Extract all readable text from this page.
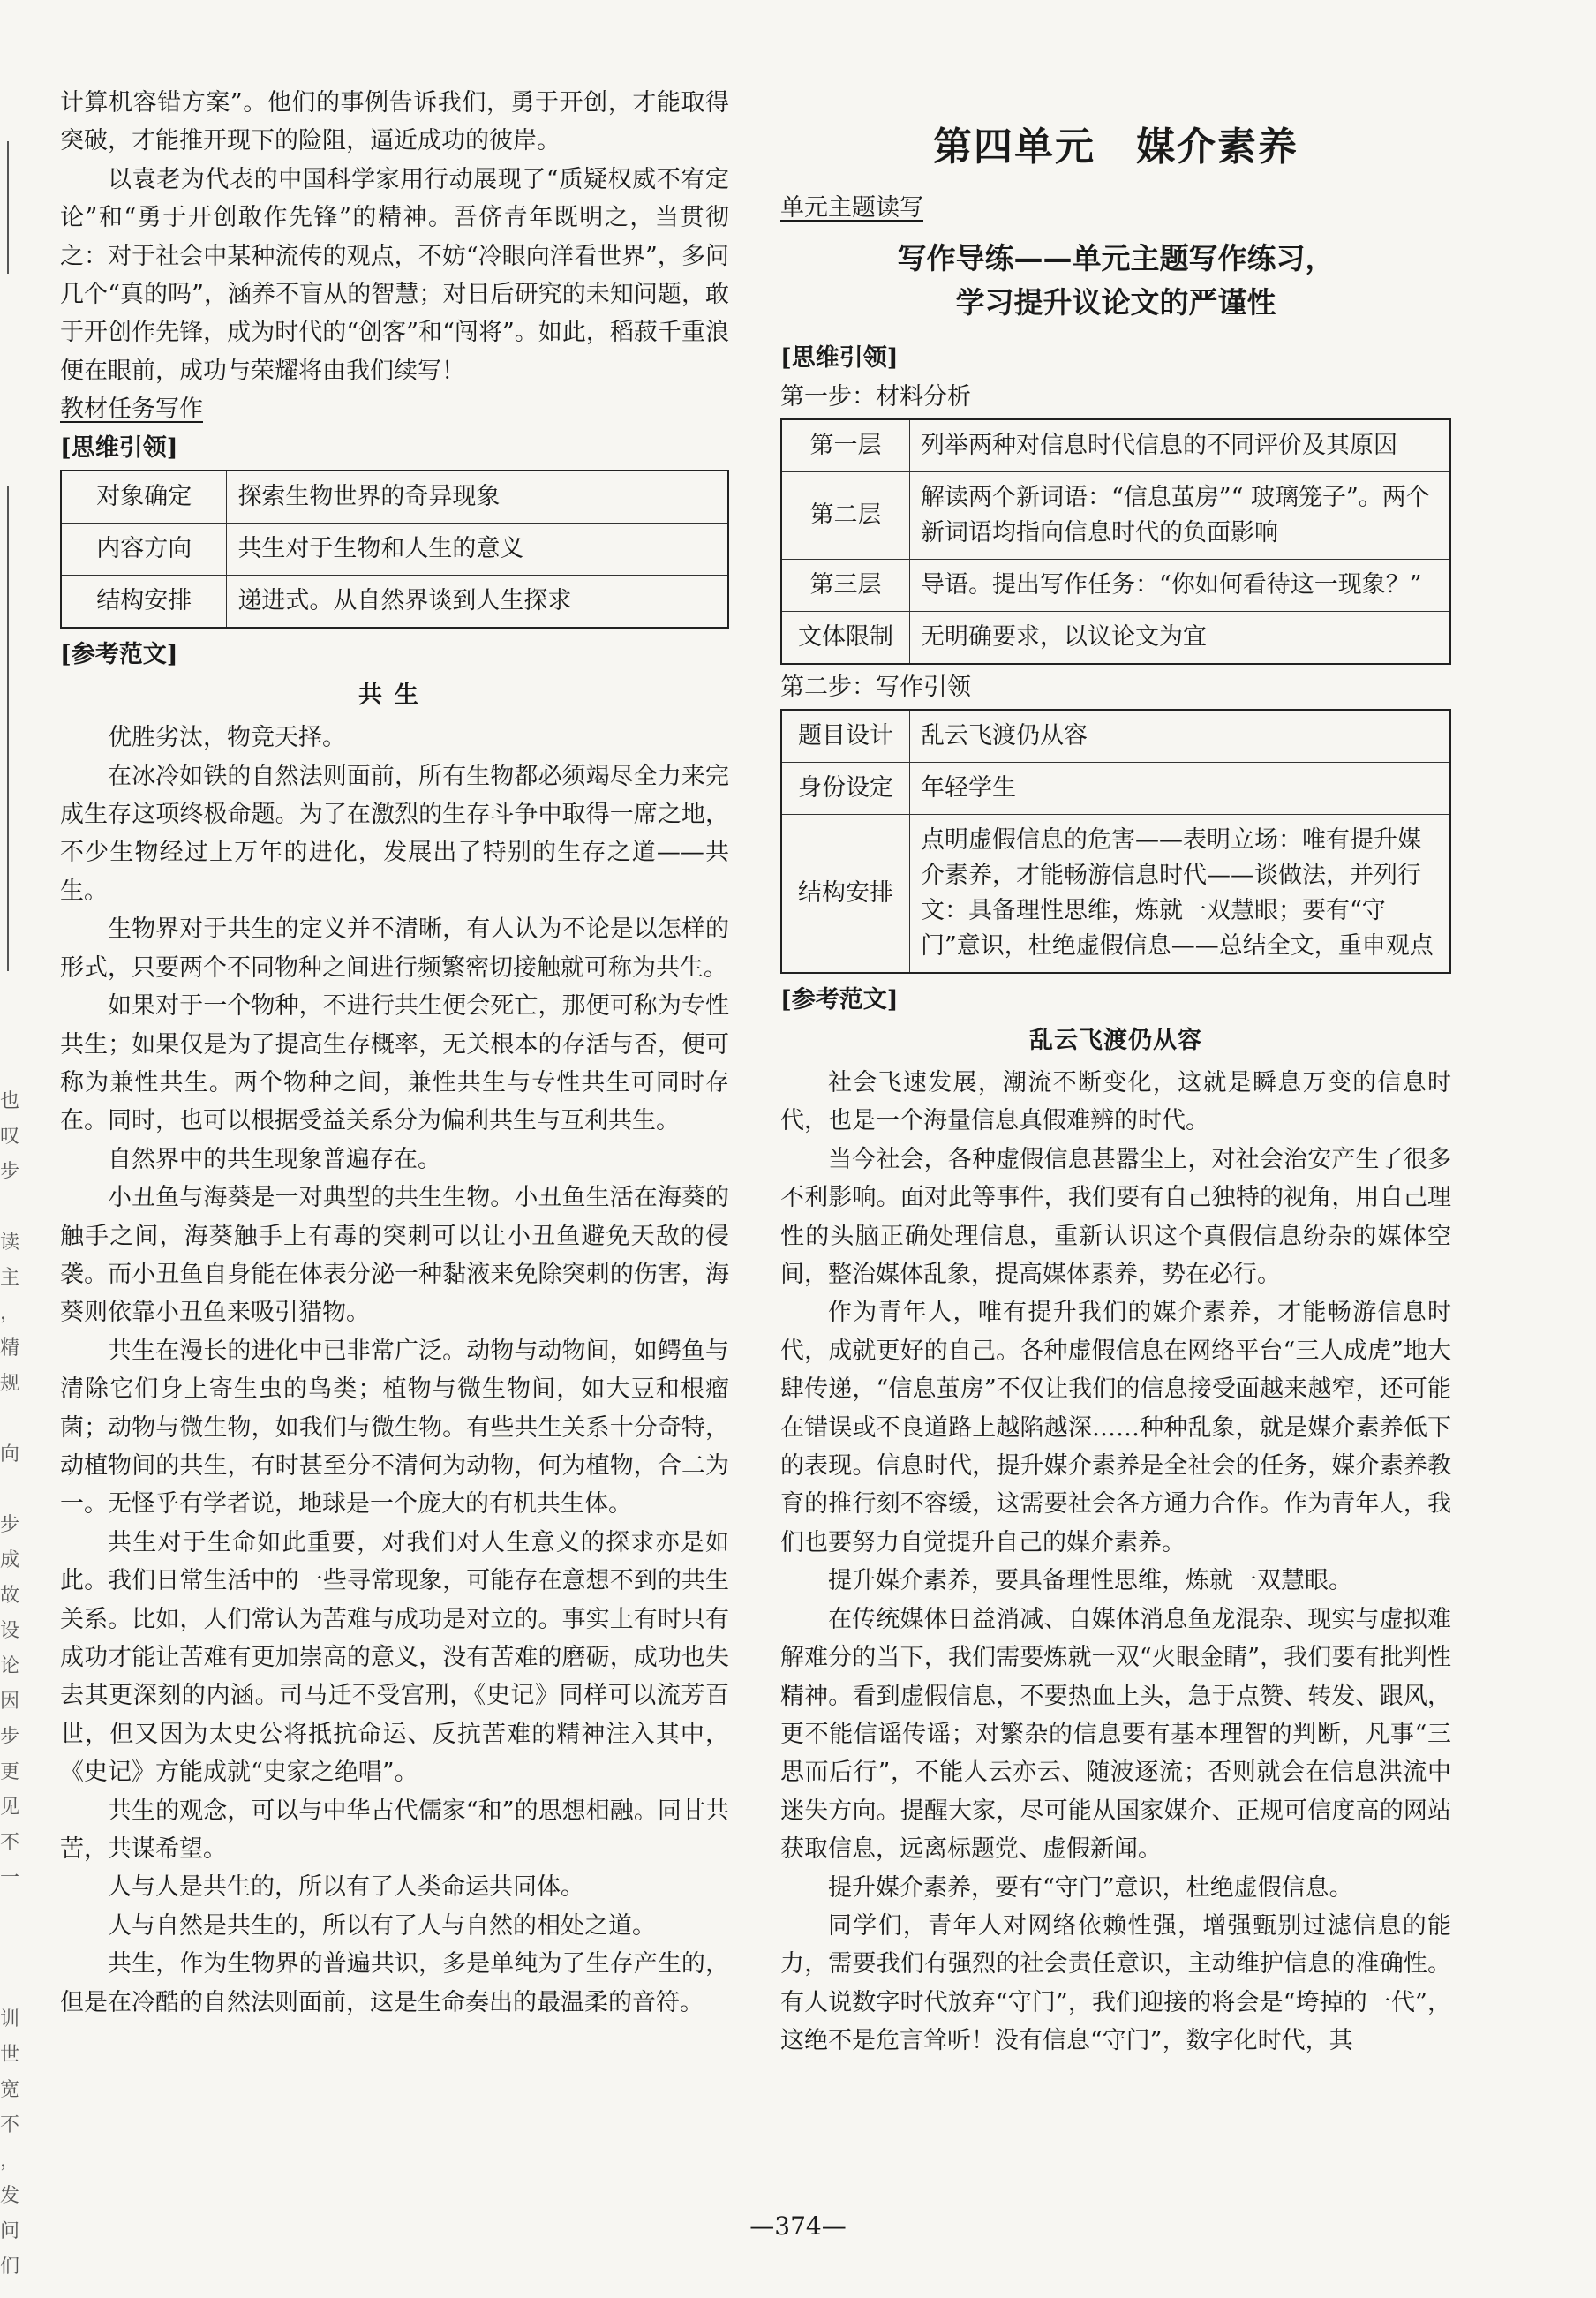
也
叹
步
读
主
，
精
规
向
步
成
故
设
论
因
步
更
见
不
一
训
世
宽
不
，
发
问
们

计算机容错方案”。他们的事例告诉我们，勇于开创，才能取得突破，才能推开现下的险阻，逼近成功的彼岸。

以袁老为代表的中国科学家用行动展现了“质疑权威不宥定论”和“勇于开创敢作先锋”的精神。吾侪青年既明之，当贯彻之：对于社会中某种流传的观点，不妨“冷眼向洋看世界”，多问几个“真的吗”，涵养不盲从的智慧；对日后研究的未知问题，敢于开创作先锋，成为时代的“创客”和“闯将”。如此，稻菽千重浪便在眼前，成功与荣耀将由我们续写！

教材任务写作
[思维引领]
对象确定	探索生物世界的奇异现象
内容方向	共生对于生物和人生的意义
结构安排	递进式。从自然界谈到人生探求
[参考范文]
共生

优胜劣汰，物竞天择。

在冰冷如铁的自然法则面前，所有生物都必须竭尽全力来完成生存这项终极命题。为了在激烈的生存斗争中取得一席之地，不少生物经过上万年的进化，发展出了特别的生存之道——共生。

生物界对于共生的定义并不清晰，有人认为不论是以怎样的形式，只要两个不同物种之间进行频繁密切接触就可称为共生。

如果对于一个物种，不进行共生便会死亡，那便可称为专性共生；如果仅是为了提高生存概率，无关根本的存活与否，便可称为兼性共生。两个物种之间，兼性共生与专性共生可同时存在。同时，也可以根据受益关系分为偏利共生与互利共生。

自然界中的共生现象普遍存在。

小丑鱼与海葵是一对典型的共生生物。小丑鱼生活在海葵的触手之间，海葵触手上有毒的突刺可以让小丑鱼避免天敌的侵袭。而小丑鱼自身能在体表分泌一种黏液来免除突刺的伤害，海葵则依靠小丑鱼来吸引猎物。

共生在漫长的进化中已非常广泛。动物与动物间，如鳄鱼与清除它们身上寄生虫的鸟类；植物与微生物间，如大豆和根瘤菌；动物与微生物，如我们与微生物。有些共生关系十分奇特，动植物间的共生，有时甚至分不清何为动物，何为植物，合二为一。无怪乎有学者说，地球是一个庞大的有机共生体。

共生对于生命如此重要，对我们对人生意义的探求亦是如此。我们日常生活中的一些寻常现象，可能存在意想不到的共生关系。比如，人们常认为苦难与成功是对立的。事实上有时只有成功才能让苦难有更加崇高的意义，没有苦难的磨砺，成功也失去其更深刻的内涵。司马迁不受宫刑，《史记》同样可以流芳百世，但又因为太史公将抵抗命运、反抗苦难的精神注入其中，《史记》方能成就“史家之绝唱”。

共生的观念，可以与中华古代儒家“和”的思想相融。同甘共苦，共谋希望。

人与人是共生的，所以有了人类命运共同体。

人与自然是共生的，所以有了人与自然的相处之道。

共生，作为生物界的普遍共识，多是单纯为了生存产生的，但是在冷酷的自然法则面前，这是生命奏出的最温柔的音符。

第四单元　媒介素养
单元主题读写
写作导练——单元主题写作练习，
学习提升议论文的严谨性
[思维引领]
第一步：材料分析
第一层	列举两种对信息时代信息的不同评价及其原因
第二层	解读两个新词语：“信息茧房”“ 玻璃笼子”。两个新词语均指向信息时代的负面影响
第三层	导语。提出写作任务：“你如何看待这一现象？”
文体限制	无明确要求，以议论文为宜
第二步：写作引领
题目设计	乱云飞渡仍从容
身份设定	年轻学生
结构安排	点明虚假信息的危害——表明立场：唯有提升媒介素养，才能畅游信息时代——谈做法，并列行文：具备理性思维，炼就一双慧眼；要有“守门”意识，杜绝虚假信息——总结全文，重申观点
[参考范文]
乱云飞渡仍从容

社会飞速发展，潮流不断变化，这就是瞬息万变的信息时代，也是一个海量信息真假难辨的时代。

当今社会，各种虚假信息甚嚣尘上，对社会治安产生了很多不利影响。面对此等事件，我们要有自己独特的视角，用自己理性的头脑正确处理信息，重新认识这个真假信息纷杂的媒体空间，整治媒体乱象，提高媒体素养，势在必行。

作为青年人，唯有提升我们的媒介素养，才能畅游信息时代，成就更好的自己。各种虚假信息在网络平台“三人成虎”地大肆传递，“信息茧房”不仅让我们的信息接受面越来越窄，还可能在错误或不良道路上越陷越深……种种乱象，就是媒介素养低下的表现。信息时代，提升媒介素养是全社会的任务，媒介素养教育的推行刻不容缓，这需要社会各方通力合作。作为青年人，我们也要努力自觉提升自己的媒介素养。

提升媒介素养，要具备理性思维，炼就一双慧眼。

在传统媒体日益消减、自媒体消息鱼龙混杂、现实与虚拟难解难分的当下，我们需要炼就一双“火眼金睛”，我们要有批判性精神。看到虚假信息，不要热血上头，急于点赞、转发、跟风，更不能信谣传谣；对繁杂的信息要有基本理智的判断，凡事“三思而后行”，不能人云亦云、随波逐流；否则就会在信息洪流中迷失方向。提醒大家，尽可能从国家媒介、正规可信度高的网站获取信息，远离标题党、虚假新闻。

提升媒介素养，要有“守门”意识，杜绝虚假信息。

同学们，青年人对网络依赖性强，增强甄别过滤信息的能力，需要我们有强烈的社会责任意识，主动维护信息的准确性。有人说数字时代放弃“守门”，我们迎接的将会是“垮掉的一代”，这绝不是危言耸听！没有信息“守门”，数字化时代，其

—374—
